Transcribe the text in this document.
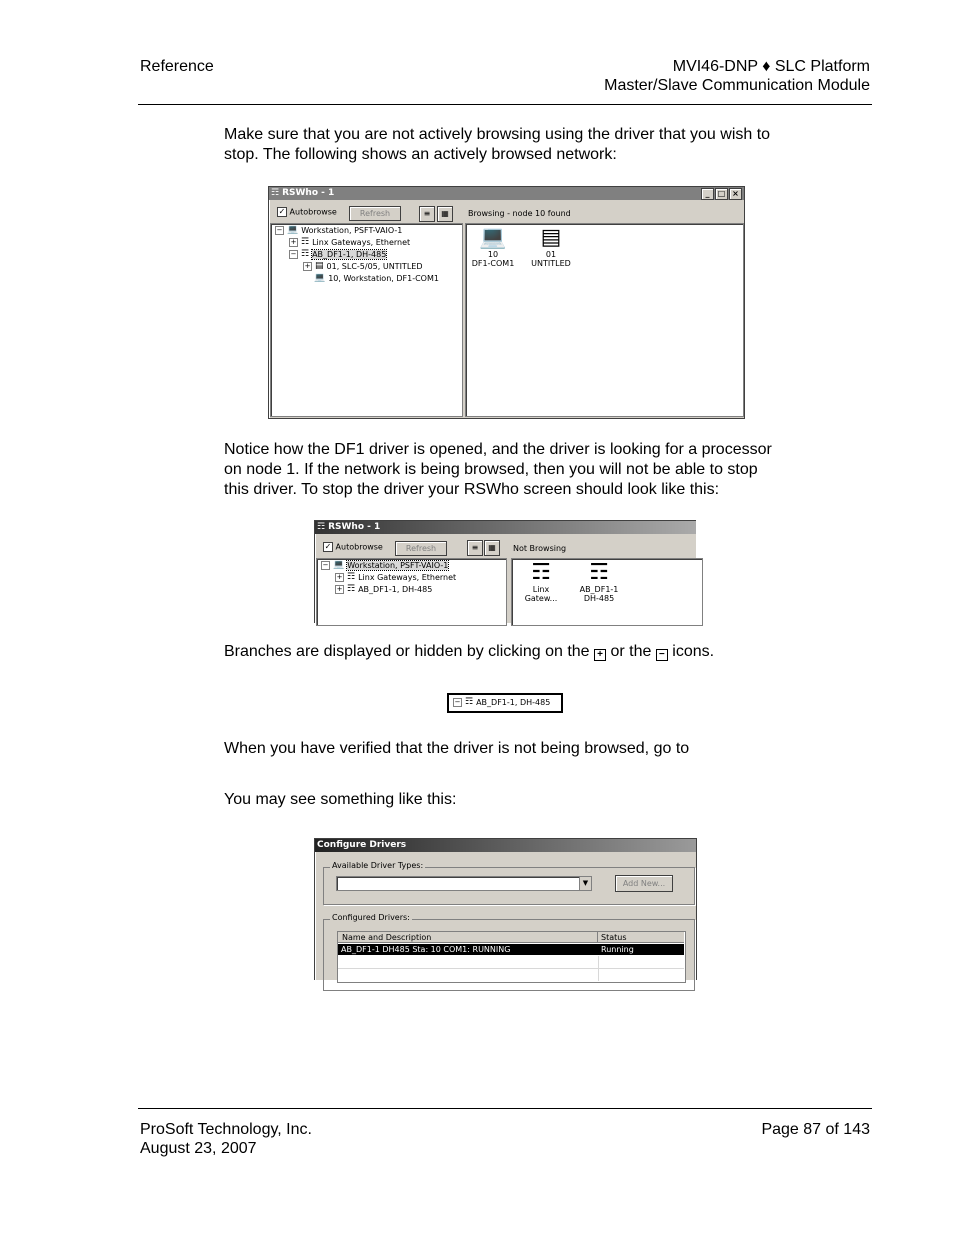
Reference	MVI46-DNP ♦ SLC Platform
Master/Slave Communication Module
Make sure that you are not actively browsing using the driver that you wish to
stop. The following shows an actively browsed network:
☶ RSWho - 1	_	□ ×
✓ Autobrowse	Refresh	≡	▦	Browsing - node 10 found
− 💻 Workstation, PSFT-VAIO-1
+ ☶ Linx Gateways, Ethernet
− ☶ AB_DF1-1, DH-485
+ ▤ 01, SLC-5/05, UNTITLED
💻 10, Workstation, DF1-COM1
💻
10
DF1-COM1
▤
01
UNTITLED
Notice how the DF1 driver is opened, and the driver is looking for a processor
on node 1. If the network is being browsed, then you will not be able to stop
this driver. To stop the driver your RSWho screen should look like this:
☶ RSWho - 1
✓ Autobrowse	Refresh	≡	▦	Not Browsing
− 💻 Workstation, PSFT-VAIO-1
+ ☶ Linx Gateways, Ethernet
+ ☶ AB_DF1-1, DH-485
☶
Linx
Gatew...
☶
AB_DF1-1
DH-485
Branches are displayed or hidden by clicking on the + or the − icons.
− ☶ AB_DF1-1, DH-485
When you have verified that the driver is not being browsed, go to
You may see something like this:
Configure Drivers
Available Driver Types:
▼	Add New...
Configured Drivers:
Name and Description	Status
AB_DF1-1 DH485 Sta: 10 COM1: RUNNING	Running
ProSoft Technology, Inc.
August 23, 2007
Page 87 of 143
